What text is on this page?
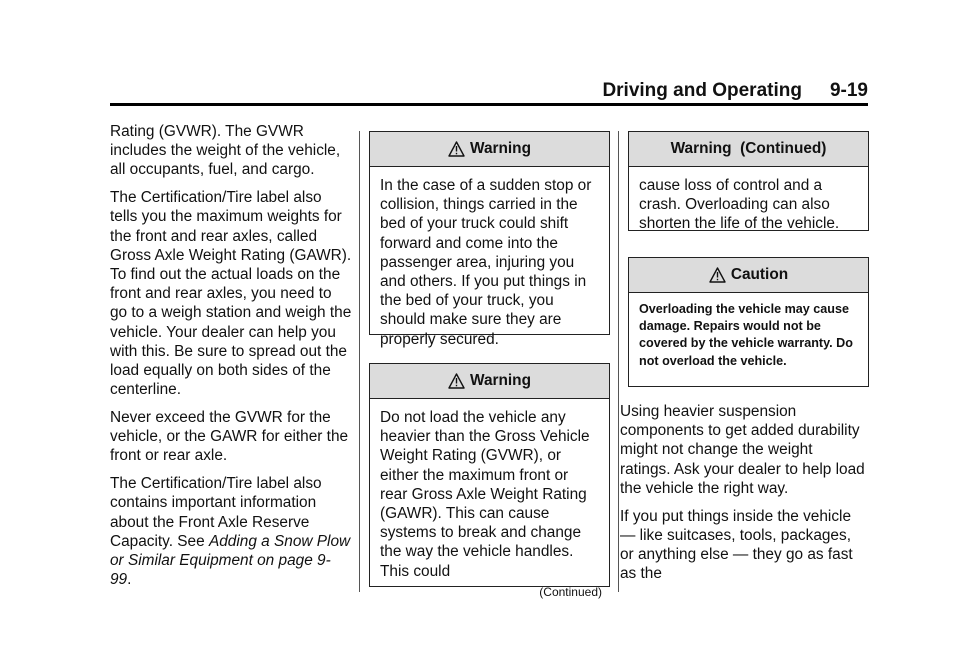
Driving and Operating 9-19

Rating (GVWR). The GVWR includes the weight of the vehicle, all occupants, fuel, and cargo.

The Certification/Tire label also tells you the maximum weights for the front and rear axles, called Gross Axle Weight Rating (GAWR). To find out the actual loads on the front and rear axles, you need to go to a weigh station and weigh the vehicle. Your dealer can help you with this. Be sure to spread out the load equally on both sides of the centerline.

Never exceed the GVWR for the vehicle, or the GAWR for either the front or rear axle.

The Certification/Tire label also contains important information about the Front Axle Reserve Capacity. See Adding a Snow Plow or Similar Equipment on page 9-99.

Warning
In the case of a sudden stop or collision, things carried in the bed of your truck could shift forward and come into the passenger area, injuring you and others. If you put things in the bed of your truck, you should make sure they are properly secured.
Warning
Do not load the vehicle any heavier than the Gross Vehicle Weight Rating (GVWR), or either the maximum front or rear Gross Axle Weight Rating (GAWR). This can cause systems to break and change the way the vehicle handles. This could
(Continued)
Warning  (Continued)
cause loss of control and a crash. Overloading can also shorten the life of the vehicle.
Caution
Overloading the vehicle may cause damage. Repairs would not be covered by the vehicle warranty. Do not overload the vehicle.

Using heavier suspension components to get added durability might not change the weight ratings. Ask your dealer to help load the vehicle the right way.

If you put things inside the vehicle — like suitcases, tools, packages, or anything else — they go as fast as the
